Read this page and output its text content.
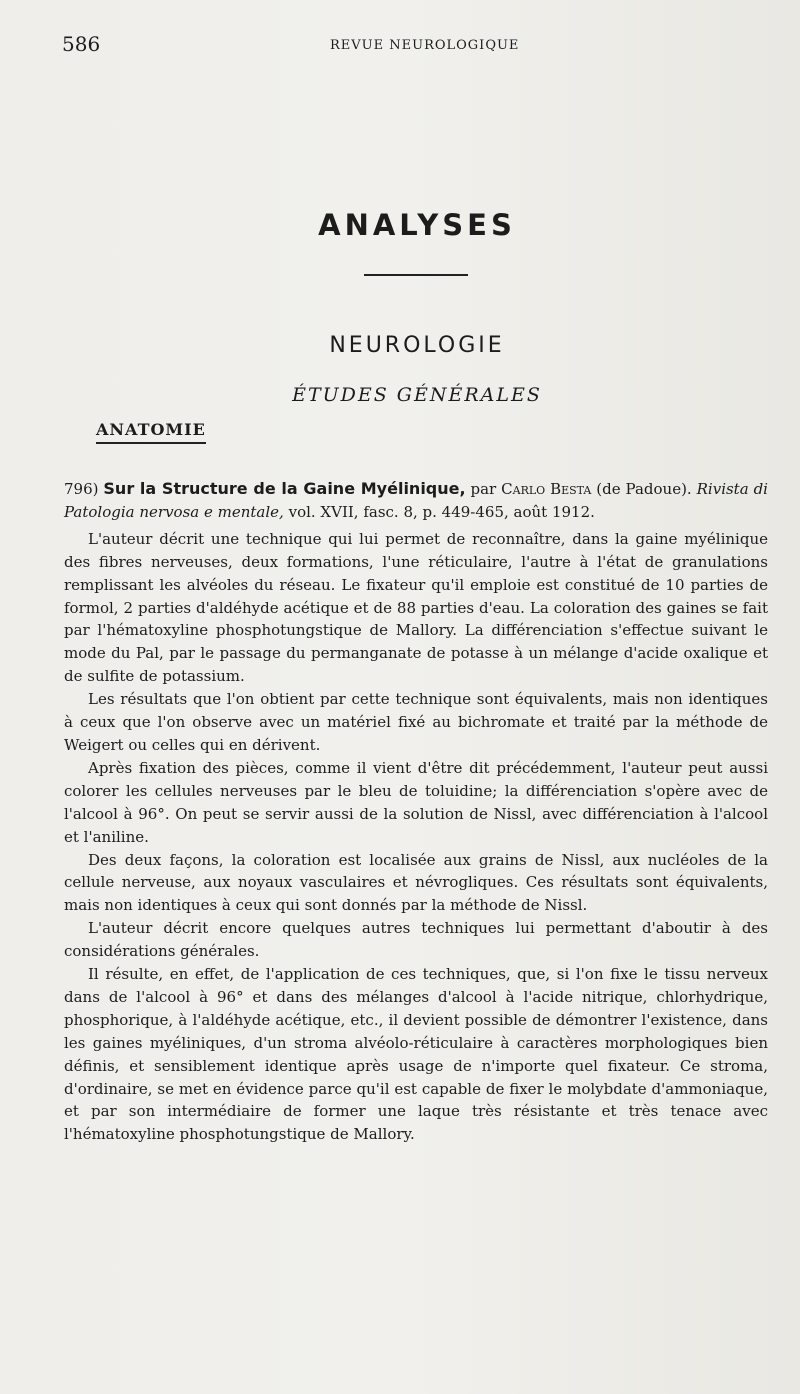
586	REVUE NEUROLOGIQUE
ANALYSES
NEUROLOGIE
ÉTUDES GÉNÉRALES
ANATOMIE

796) Sur la Structure de la Gaine Myélinique, par Carlo Besta (de Padoue). Rivista di Patologia nervosa e mentale, vol. XVII, fasc. 8, p. 449-465, août 1912.

L'auteur décrit une technique qui lui permet de reconnaître, dans la gaine myélinique des fibres nerveuses, deux formations, l'une réticulaire, l'autre à l'état de granulations remplissant les alvéoles du réseau. Le fixateur qu'il emploie est constitué de 10 parties de formol, 2 parties d'aldéhyde acétique et de 88 parties d'eau. La coloration des gaines se fait par l'hématoxyline phosphotungstique de Mallory. La différenciation s'effectue suivant le mode du Pal, par le passage du permanganate de potasse à un mélange d'acide oxalique et de sulfite de potassium.

Les résultats que l'on obtient par cette technique sont équivalents, mais non identiques à ceux que l'on observe avec un matériel fixé au bichromate et traité par la méthode de Weigert ou celles qui en dérivent.

Après fixation des pièces, comme il vient d'être dit précédemment, l'auteur peut aussi colorer les cellules nerveuses par le bleu de toluidine; la différenciation s'opère avec de l'alcool à 96°. On peut se servir aussi de la solution de Nissl, avec différenciation à l'alcool et l'aniline.

Des deux façons, la coloration est localisée aux grains de Nissl, aux nucléoles de la cellule nerveuse, aux noyaux vasculaires et névrogliques. Ces résultats sont équivalents, mais non identiques à ceux qui sont donnés par la méthode de Nissl.

L'auteur décrit encore quelques autres techniques lui permettant d'aboutir à des considérations générales.

Il résulte, en effet, de l'application de ces techniques, que, si l'on fixe le tissu nerveux dans de l'alcool à 96° et dans des mélanges d'alcool à l'acide nitrique, chlorhydrique, phosphorique, à l'aldéhyde acétique, etc., il devient possible de démontrer l'existence, dans les gaines myéliniques, d'un stroma alvéolo-réticulaire à caractères morphologiques bien définis, et sensiblement identique après usage de n'importe quel fixateur. Ce stroma, d'ordinaire, se met en évidence parce qu'il est capable de fixer le molybdate d'ammoniaque, et par son intermédiaire de former une laque très résistante et très tenace avec l'hématoxyline phosphotungstique de Mallory.
